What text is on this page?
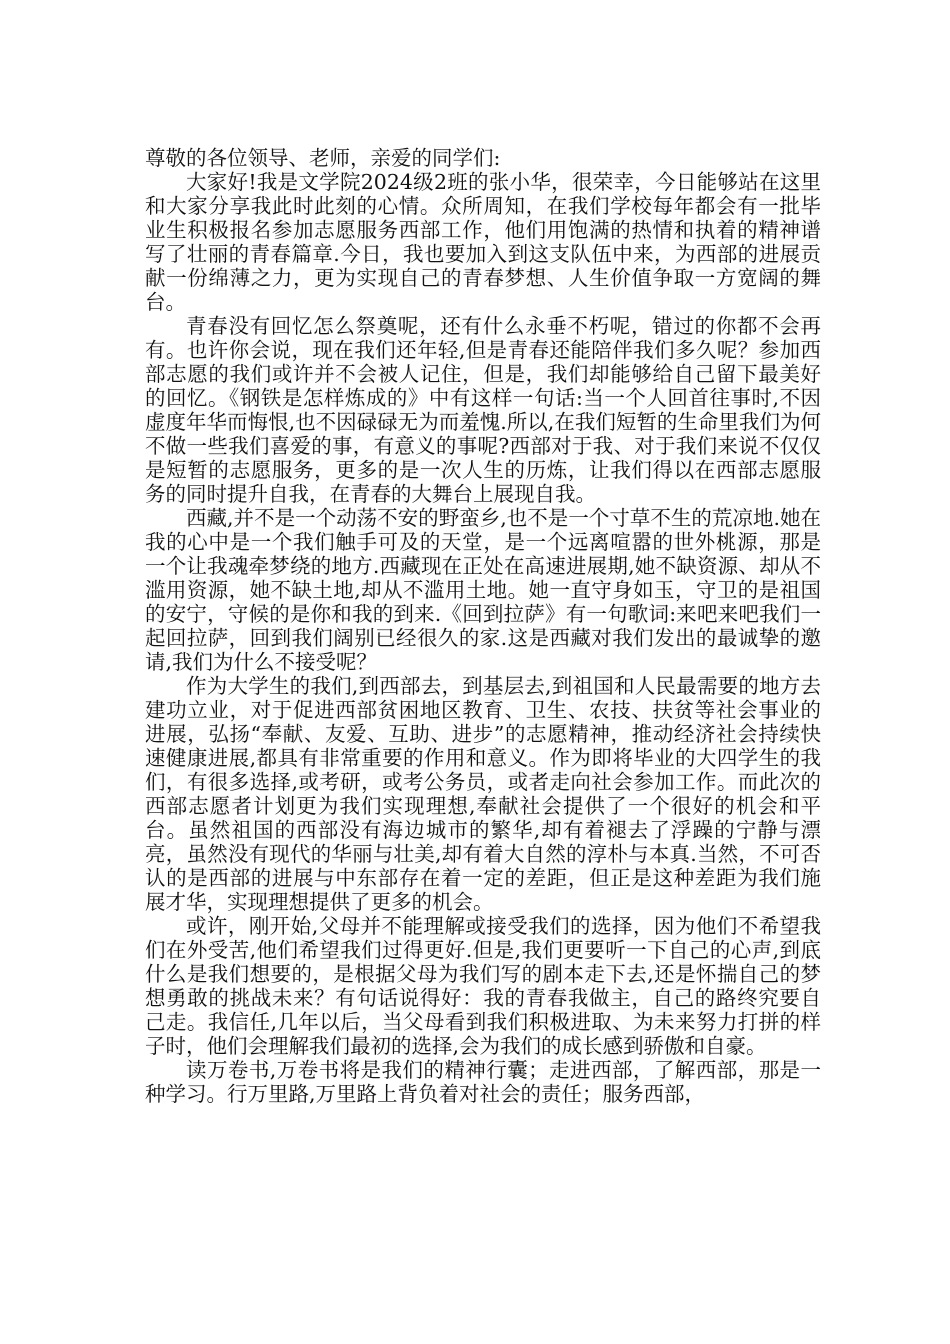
尊敬的各位领导、老师，亲爱的同学们:

大家好!我是文学院2024级2班的张小华，很荣幸，今日能够站在这里和大家分享我此时此刻的心情。众所周知，在我们学校每年都会有一批毕业生积极报名参加志愿服务西部工作，他们用饱满的热情和执着的精神谱写了壮丽的青春篇章.今日，我也要加入到这支队伍中来，为西部的进展贡献一份绵薄之力，更为实现自己的青春梦想、人生价值争取一方宽阔的舞台。

青春没有回忆怎么祭奠呢，还有什么永垂不朽呢，错过的你都不会再有。也许你会说，现在我们还年轻,但是青春还能陪伴我们多久呢？参加西部志愿的我们或许并不会被人记住，但是，我们却能够给自己留下最美好的回忆。《钢铁是怎样炼成的》中有这样一句话:当一个人回首往事时,不因虚度年华而悔恨,也不因碌碌无为而羞愧.所以,在我们短暂的生命里我们为何不做一些我们喜爱的事，有意义的事呢?西部对于我、对于我们来说不仅仅是短暂的志愿服务，更多的是一次人生的历炼，让我们得以在西部志愿服务的同时提升自我，在青春的大舞台上展现自我。

西藏,并不是一个动荡不安的野蛮乡,也不是一个寸草不生的荒凉地.她在我的心中是一个我们触手可及的天堂，是一个远离喧嚣的世外桃源，那是一个让我魂牵梦绕的地方.西藏现在正处在高速进展期,她不缺资源、却从不滥用资源，她不缺土地,却从不滥用土地。她一直守身如玉，守卫的是祖国的安宁，守候的是你和我的到来.《回到拉萨》有一句歌词:来吧来吧我们一起回拉萨，回到我们阔别已经很久的家.这是西藏对我们发出的最诚挚的邀请,我们为什么不接受呢？

作为大学生的我们,到西部去，到基层去,到祖国和人民最需要的地方去建功立业，对于促进西部贫困地区教育、卫生、农技、扶贫等社会事业的进展，弘扬“奉献、友爱、互助、进步”的志愿精神，推动经济社会持续快速健康进展,都具有非常重要的作用和意义。作为即将毕业的大四学生的我们，有很多选择,或考研，或考公务员，或者走向社会参加工作。而此次的西部志愿者计划更为我们实现理想,奉献社会提供了一个很好的机会和平台。虽然祖国的西部没有海边城市的繁华,却有着褪去了浮躁的宁静与漂亮，虽然没有现代的华丽与壮美,却有着大自然的淳朴与本真.当然，不可否认的是西部的进展与中东部存在着一定的差距，但正是这种差距为我们施展才华，实现理想提供了更多的机会。

或许，刚开始,父母并不能理解或接受我们的选择，因为他们不希望我们在外受苦,他们希望我们过得更好.但是,我们更要听一下自己的心声,到底什么是我们想要的，是根据父母为我们写的剧本走下去,还是怀揣自己的梦想勇敢的挑战未来？有句话说得好：我的青春我做主，自己的路终究要自己走。我信任,几年以后，当父母看到我们积极进取、为未来努力打拼的样子时，他们会理解我们最初的选择,会为我们的成长感到骄傲和自豪。

读万卷书,万卷书将是我们的精神行囊；走进西部，了解西部，那是一种学习。行万里路,万里路上背负着对社会的责任；服务西部，
